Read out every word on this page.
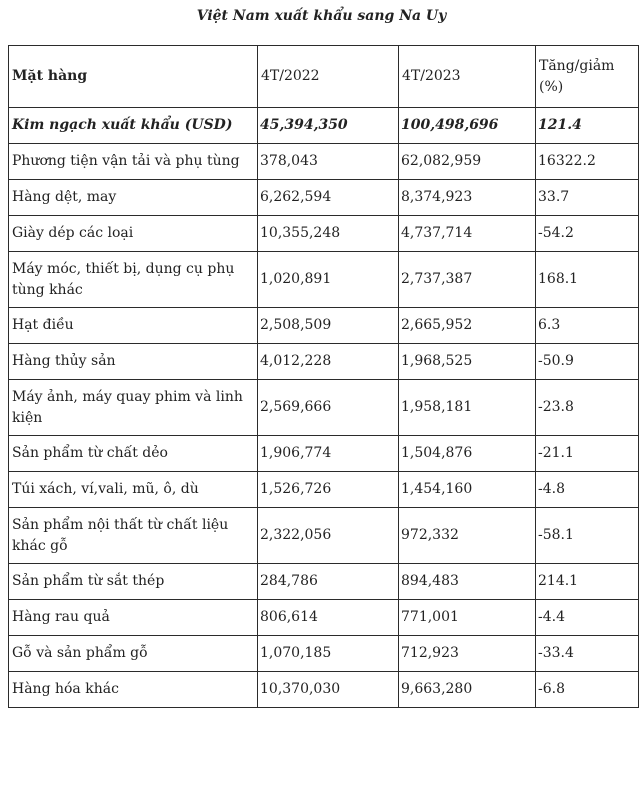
Việt Nam xuất khẩu sang Na Uy
Mặt hàng	4T/2022	4T/2023	Tăng/giảm (%)
Kim ngạch xuất khẩu (USD)	45,394,350	100,498,696	121.4
Phương tiện vận tải và phụ tùng	378,043	62,082,959	16322.2
Hàng dệt, may	6,262,594	8,374,923	33.7
Giày dép các loại	10,355,248	4,737,714	-54.2
Máy móc, thiết bị, dụng cụ phụ tùng khác	1,020,891	2,737,387	168.1
Hạt điều	2,508,509	2,665,952	6.3
Hàng thủy sản	4,012,228	1,968,525	-50.9
Máy ảnh, máy quay phim và linh kiện	2,569,666	1,958,181	-23.8
Sản phẩm từ chất dẻo	1,906,774	1,504,876	-21.1
Túi xách, ví,vali, mũ, ô, dù	1,526,726	1,454,160	-4.8
Sản phẩm nội thất từ chất liệu khác gỗ	2,322,056	972,332	-58.1
Sản phẩm từ sắt thép	284,786	894,483	214.1
Hàng rau quả	806,614	771,001	-4.4
Gỗ và sản phẩm gỗ	1,070,185	712,923	-33.4
Hàng hóa khác	10,370,030	9,663,280	-6.8
